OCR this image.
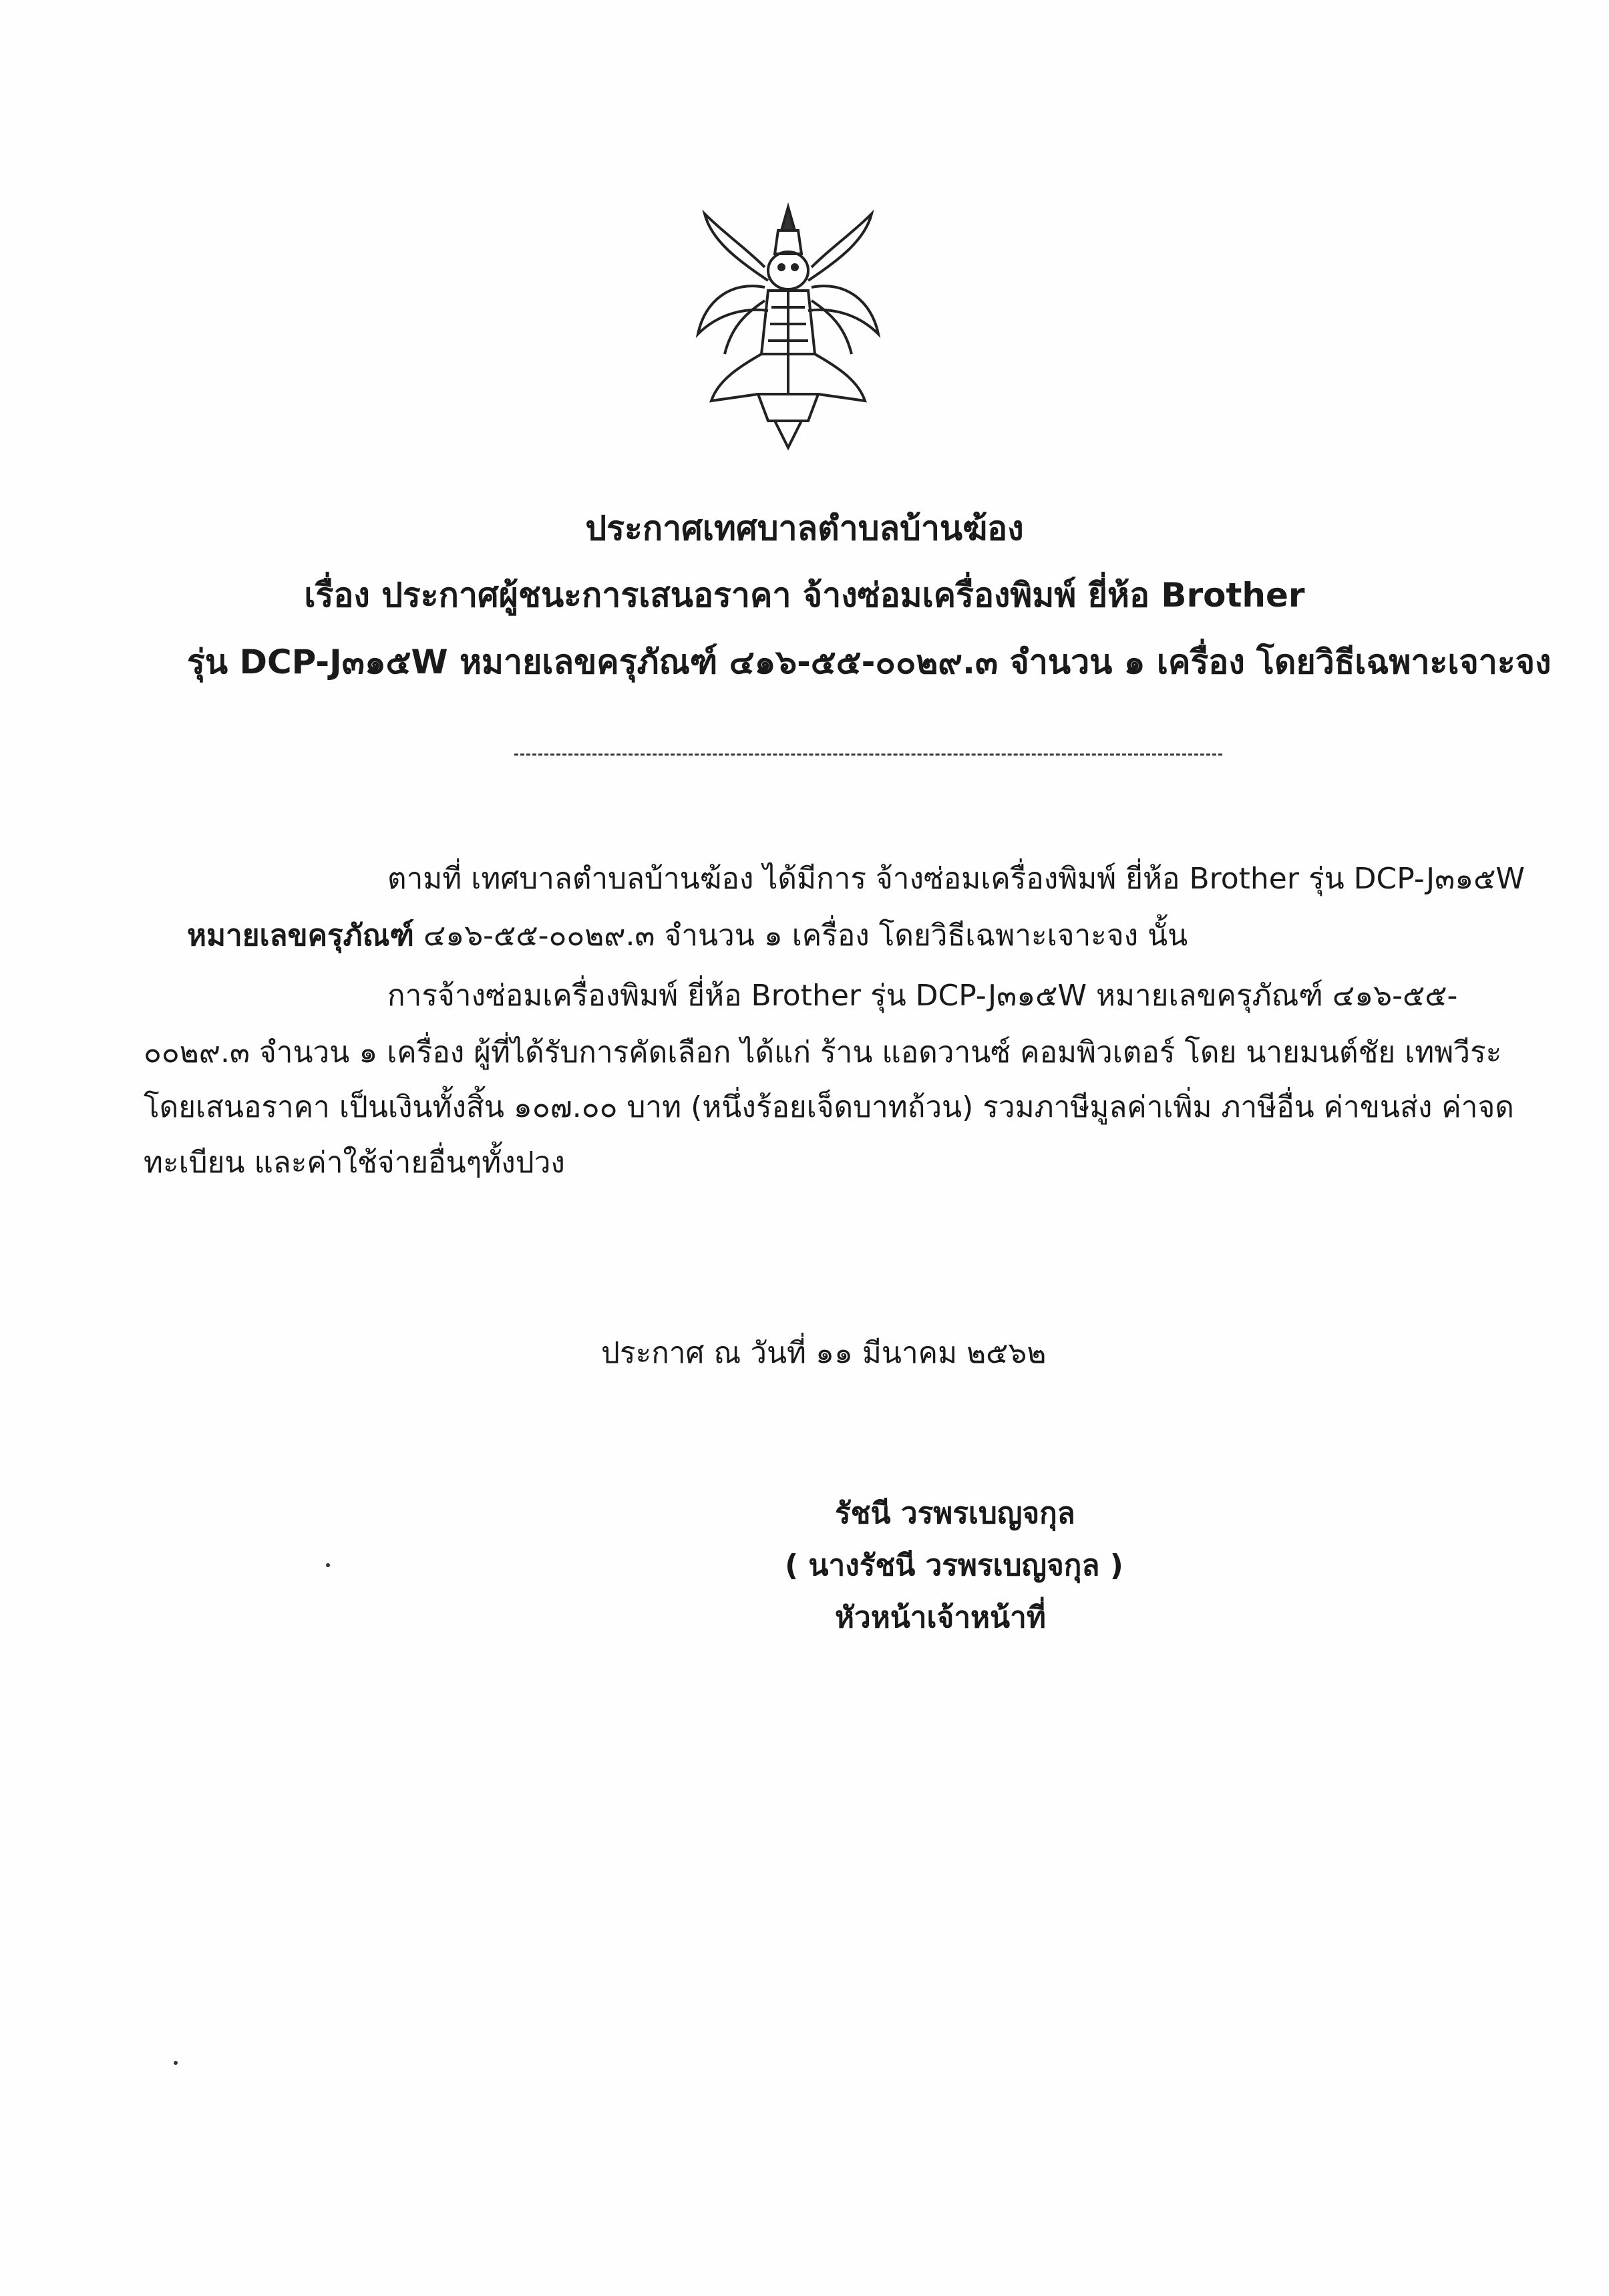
ประกาศเทศบาลตำบลบ้านฆ้อง
เรื่อง ประกาศผู้ชนะการเสนอราคา จ้างซ่อมเครื่องพิมพ์ ยี่ห้อ Brother
รุ่น DCP-J๓๑๕W หมายเลขครุภัณฑ์ ๔๑๖-๕๕-๐๐๒๙.๓ จำนวน ๑ เครื่อง โดยวิธีเฉพาะเจาะจง
ตามที่ เทศบาลตำบลบ้านฆ้อง ได้มีการ จ้างซ่อมเครื่องพิมพ์ ยี่ห้อ Brother รุ่น DCP-J๓๑๕W
หมายเลขครุภัณฑ์ ๔๑๖-๕๕-๐๐๒๙.๓ จำนวน ๑ เครื่อง โดยวิธีเฉพาะเจาะจง นั้น
การจ้างซ่อมเครื่องพิมพ์ ยี่ห้อ Brother รุ่น DCP-J๓๑๕W หมายเลขครุภัณฑ์ ๔๑๖-๕๕-
๐๐๒๙.๓ จำนวน ๑ เครื่อง ผู้ที่ได้รับการคัดเลือก ได้แก่ ร้าน แอดวานซ์ คอมพิวเตอร์ โดย นายมนต์ชัย เทพวีระ
โดยเสนอราคา เป็นเงินทั้งสิ้น ๑๐๗.๐๐ บาท (หนึ่งร้อยเจ็ดบาทถ้วน) รวมภาษีมูลค่าเพิ่ม ภาษีอื่น ค่าขนส่ง ค่าจด
ทะเบียน และค่าใช้จ่ายอื่นๆทั้งปวง
ประกาศ ณ วันที่ ๑๑ มีนาคม ๒๕๖๒
รัชนี วรพรเบญจกุล
( นางรัชนี วรพรเบญจกุล )
หัวหน้าเจ้าหน้าที่
